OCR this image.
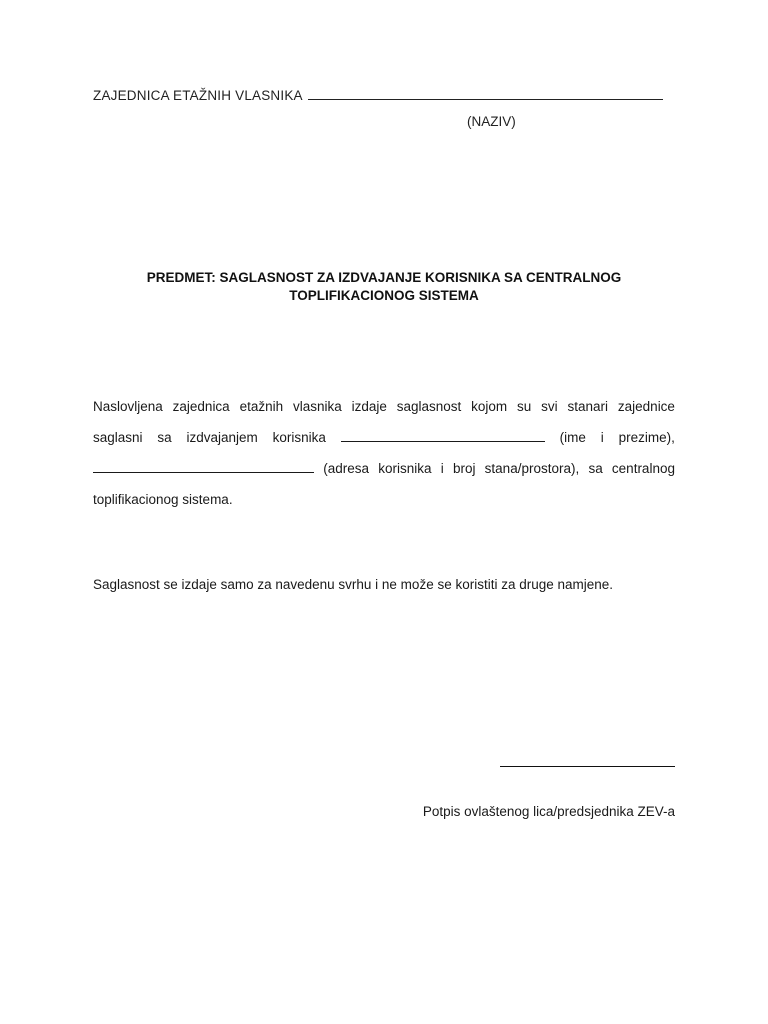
ZAJEDNICA ETAŽNIH VLASNIKA
(NAZIV)
PREDMET: SAGLASNOST ZA IZDVAJANJE KORISNIKA SA CENTRALNOG
TOPLIFIKACIONOG SISTEMA
Naslovljena zajednica etažnih vlasnika izdaje saglasnost kojom su svi stanari zajednice
saglasni sa izdvajanjem korisnika	(ime i prezime),
(adresa korisnika i broj stana/prostora), sa centralnog
toplifikacionog sistema.
Saglasnost se izdaje samo za navedenu svrhu i ne može se koristiti za druge namjene.
Potpis ovlaštenog lica/predsjednika ZEV-a
